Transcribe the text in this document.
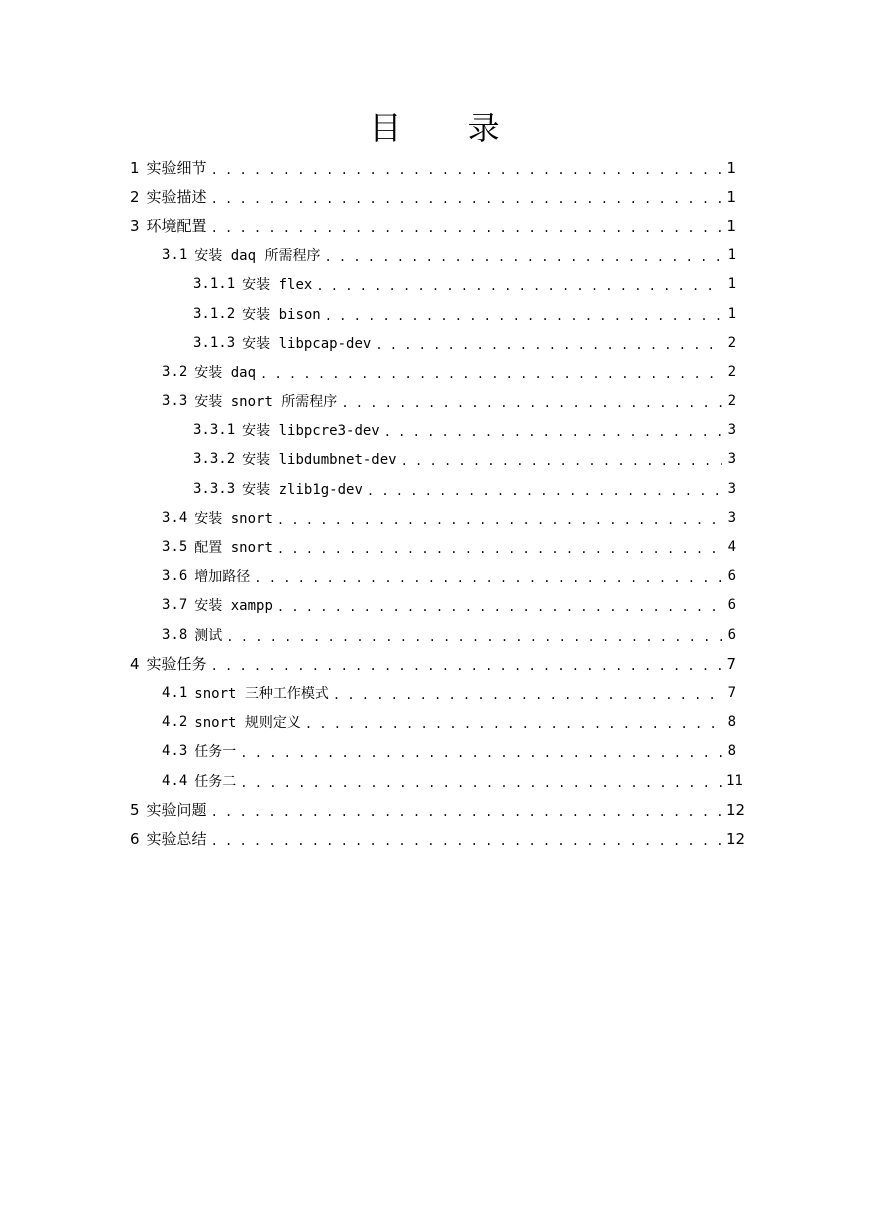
目 录
1 实验细节 . . .	1
2 实验描述 . . .	1
3 环境配置 . . .	1
3.1 安装 daq 所需程序 . . .	1
3.1.1 安装 flex . . .	1
3.1.2 安装 bison . . .	1
3.1.3 安装 libpcap-dev . . .	2
3.2 安装 daq . . .	2
3.3 安装 snort 所需程序 . . .	2
3.3.1 安装 libpcre3-dev . . .	3
3.3.2 安装 libdumbnet-dev . . .	3
3.3.3 安装 zlib1g-dev . . .	3
3.4 安装 snort . . .	3
3.5 配置 snort . . .	4
3.6 增加路径 . . .	6
3.7 安装 xampp . . .	6
3.8 测试 . . .	6
4 实验任务 . . .	7
4.1 snort 三种工作模式 . . .	7
4.2 snort 规则定义 . . .	8
4.3 任务一 . . .	8
4.4 任务二 . . .	11
5 实验问题 . . .	12
6 实验总结 . . .	12
